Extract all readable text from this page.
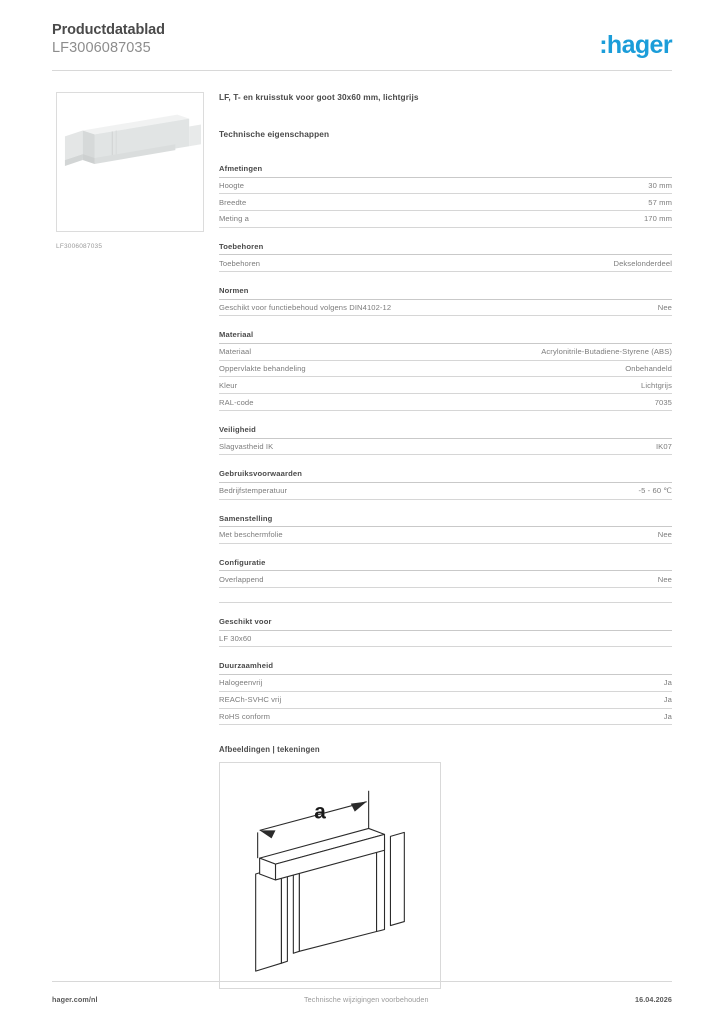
Productdatablad
LF3006087035	:hager
LF3006087035
LF, T- en kruisstuk voor goot 30x60 mm, lichtgrijs
Technische eigenschappen
Afmetingen
Hoogte	30 mm
Breedte	57 mm
Meting a	170 mm
Toebehoren
Toebehoren	Dekselonderdeel
Normen
Geschikt voor functiebehoud volgens DIN4102-12	Nee
Materiaal
Materiaal	Acrylonitrile-Butadiene-Styrene (ABS)
Oppervlakte behandeling	Onbehandeld
Kleur	Lichtgrijs
RAL-code	7035
Veiligheid
Slagvastheid IK	IK07
Gebruiksvoorwaarden
Bedrijfstemperatuur	-5 - 60 ℃
Samenstelling
Met beschermfolie	Nee
Configuratie
Overlappend	Nee
Geschikt voor
LF 30x60
Duurzaamheid
Halogeenvrij	Ja
REACh-SVHC vrij	Ja
RoHS conform	Ja
Afbeeldingen | tekeningen
a
hager.com/nl	Technische wijzigingen voorbehouden	16.04.2026
